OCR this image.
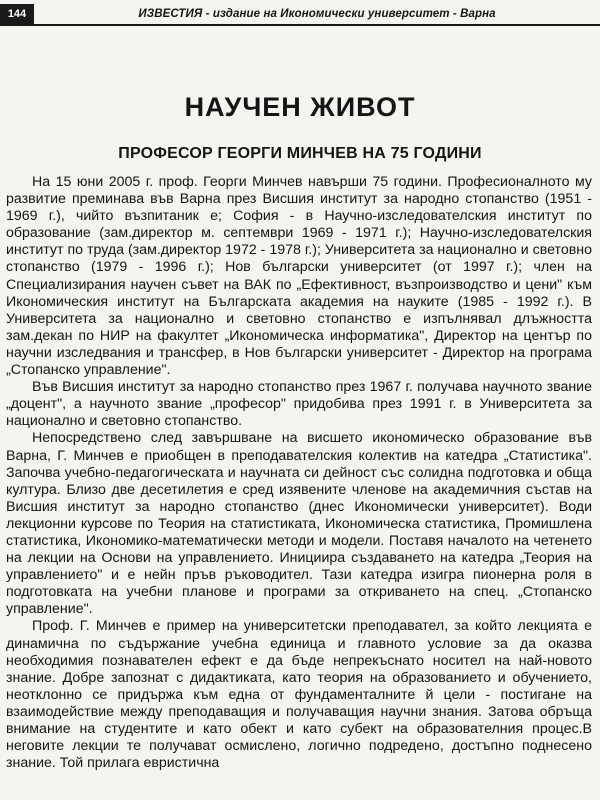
144	ИЗВЕСТИЯ - издание на Икономически университет - Варна
НАУЧЕН ЖИВОТ
ПРОФЕСОР ГЕОРГИ МИНЧЕВ НА 75 ГОДИНИ

На 15 юни 2005 г. проф. Георги Минчев навърши 75 години. Професионалното му развитие преминава във Варна през Висшия институт за народно стопанство (1951 - 1969 г.), чийто възпитаник е; София - в Научно-изследователския институт по образование (зам.директор м. септември 1969 - 1971 г.); Научно-изследователския институт по труда (зам.директор 1972 - 1978 г.); Университета за национално и световно стопанство (1979 - 1996 г.); Нов български университет (от 1997 г.); член на Специализирания научен съвет на ВАК по „Ефективност, възпроизводство и цени" към Икономическия институт на Българската академия на науките (1985 - 1992 г.). В Университета за национално и световно стопанство е изпълнявал длъжността зам.декан по НИР на факултет „Икономическа информатика", Директор на център по научни изследвания и трансфер, в Нов български университет - Директор на програма „Стопанско управление".

Във Висшия институт за народно стопанство през 1967 г. получава научното звание „доцент", а научното звание „професор" придобива през 1991 г. в Университета за национално и световно стопанство.

Непосредствено след завършване на висшето икономическо образование във Варна, Г. Минчев е приобщен в преподавателския колектив на катедра „Статистика". Започва учебно-педагогическата и научната си дейност със солидна подготовка и обща култура. Близо две десетилетия е сред изявените членове на академичния състав на Висшия институт за народно стопанство (днес Икономически университет). Води лекционни курсове по Теория на статистиката, Икономическа статистика, Промишлена статистика, Икономико-математически методи и модели. Поставя началото на четенето на лекции на Основи на управлението. Инициира създаването на катедра „Теория на управлението" и е нейн пръв ръководител. Тази катедра изигра пионерна роля в подготовката на учебни планове и програми за откриването на спец. „Стопанско управление".

Проф. Г. Минчев е пример на университетски преподавател, за който лекцията е динамична по съдържание учебна единица и главното условие за да оказва необходимия познавателен ефект е да бъде непрекъснато носител на най-новото знание. Добре запознат с дидактиката, като теория на образованието и обучението, неотклонно се придържа към една от фундаменталните й цели - постигане на взаимодействие между преподаващия и получаващия научни знания. Затова обръща внимание на студентите и като обект и като субект на образователния процес.В неговите лекции те получават осмислено, логично подредено, достъпно поднесено знание. Той прилага евристична
